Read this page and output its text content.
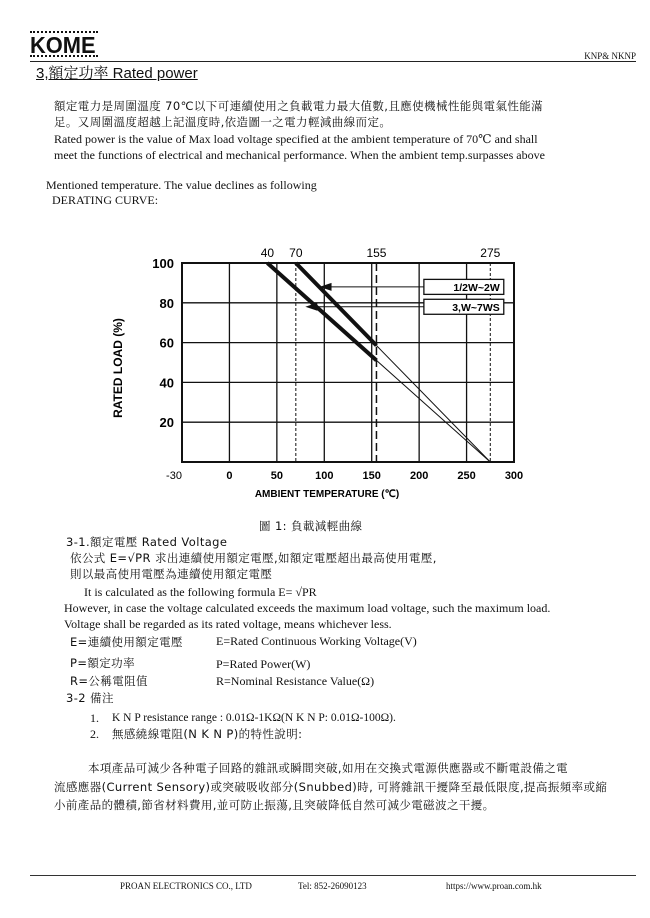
KOME	KNP& NKNP
3,額定功率 Rated power
額定電力是周圍溫度 70℃以下可連續使用之負載電力最大值數,且應使機械性能與電氣性能滿
足。又周圍溫度超越上記溫度時,依造圖一之電力輕減曲線而定。
Rated power is the value of Max load voltage specified at the ambient temperature of 70℃ and shall
meet the functions of electrical and mechanical performance. When the ambient temp.surpasses above
Mentioned temperature. The value declines as following
DERATING CURVE:
1/2W~2W
3,W~7WS
-30	0	50	100	150	200	250	300
100
80
60
40
20
40 70	155	275
RATED LOAD (%)
AMBIENT TEMPERATURE (℃)
圖 1: 負載減輕曲線
3-1.額定電壓 Rated Voltage
依公式 E=√PR 求出連續使用額定電壓,如額定電壓超出最高使用電壓,
則以最高使用電壓為連續使用額定電壓
It is calculated as the following formula E= √PR
However, in case the voltage calculated exceeds the maximum load voltage, such the maximum load.
Voltage shall be regarded as its rated voltage, means whichever less.
E=連續使用額定電壓	E=Rated Continuous Working Voltage(V)
P=額定功率	P=Rated Power(W)
R=公稱電阻值	R=Nominal Resistance Value(Ω)
3-2 備注
1. K N P resistance range : 0.01Ω-1KΩ(N K N P: 0.01Ω-100Ω).
2. 無感繞線電阻(N K N P)的特性說明:
本項產品可減少各种電子回路的雜訊或瞬間突破,如用在交換式電源供應器或不斷電設備之電
流感應器(Current Sensory)或突破吸收部分(Snubbed)時, 可將雜訊干擾降至最低限度,提高振頻率或縮
小前產品的體積,節省材料費用,並可防止振蕩,且突破降低自然可減少電磁波之干擾。
PROAN ELECTRONICS CO., LTD	Tel: 852-26090123	https://www.proan.com.hk
